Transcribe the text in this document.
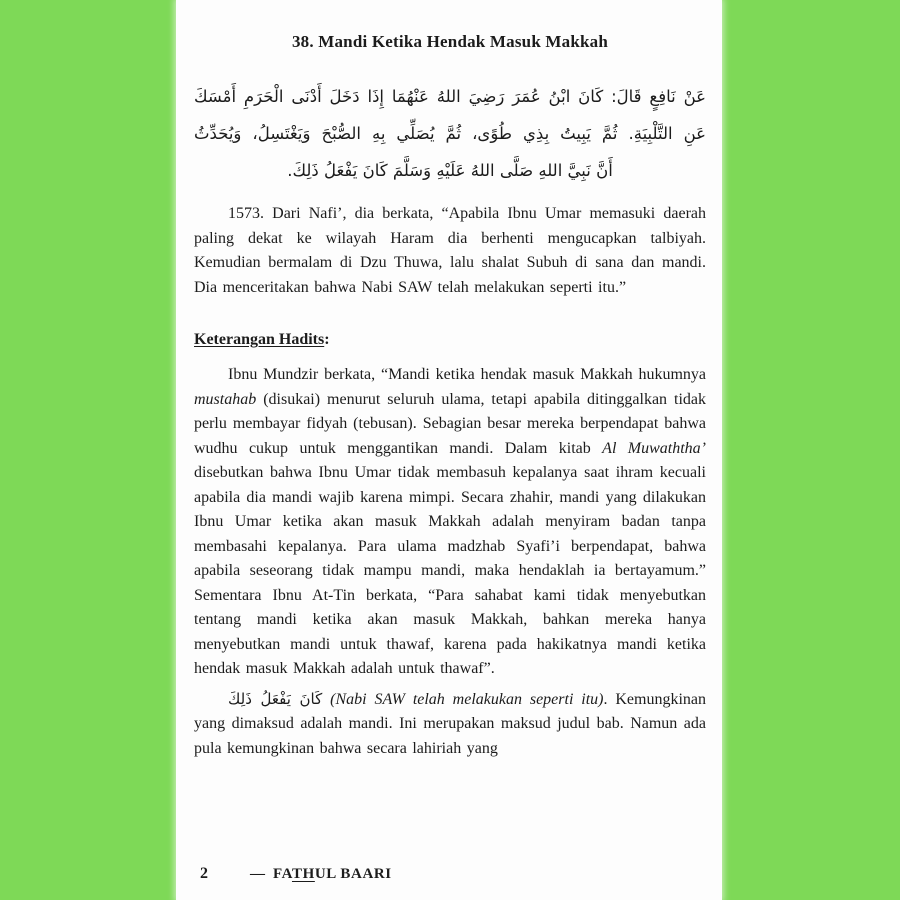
38. Mandi Ketika Hendak Masuk Makkah
عَنْ نَافِعٍ قَالَ: كَانَ ابْنُ عُمَرَ رَضِيَ اللهُ عَنْهُمَا إِذَا دَخَلَ أَدْنَى الْحَرَمِ أَمْسَكَ
عَنِ التَّلْبِيَةِ. ثُمَّ يَبِيتُ بِذِي طُوًى، ثُمَّ يُصَلِّي بِهِ الصُّبْحَ وَيَغْتَسِلُ، وَيُحَدِّثُ
أَنَّ نَبِيَّ اللهِ صَلَّى اللهُ عَلَيْهِ وَسَلَّمَ كَانَ يَفْعَلُ ذَلِكَ.

1573. Dari Nafi’, dia berkata, “Apabila Ibnu Umar memasuki daerah paling dekat ke wilayah Haram dia berhenti mengucapkan talbiyah. Kemudian bermalam di Dzu Thuwa, lalu shalat Subuh di sana dan mandi. Dia menceritakan bahwa Nabi SAW telah melakukan seperti itu.”

Keterangan Hadits:

Ibnu Mundzir berkata, “Mandi ketika hendak masuk Makkah hukumnya mustahab (disukai) menurut seluruh ulama, tetapi apabila ditinggalkan tidak perlu membayar fidyah (tebusan). Sebagian besar mereka berpendapat bahwa wudhu cukup untuk menggantikan mandi. Dalam kitab Al Muwaththa’ disebutkan bahwa Ibnu Umar tidak membasuh kepalanya saat ihram kecuali apabila dia mandi wajib karena mimpi. Secara zhahir, mandi yang dilakukan Ibnu Umar ketika akan masuk Makkah adalah menyiram badan tanpa membasahi kepalanya. Para ulama madzhab Syafi’i berpendapat, bahwa apabila seseorang tidak mampu mandi, maka hendaklah ia bertayamum.” Sementara Ibnu At-Tin berkata, “Para sahabat kami tidak menyebutkan tentang mandi ketika akan masuk Makkah, bahkan mereka hanya menyebutkan mandi untuk thawaf, karena pada hakikatnya mandi ketika hendak masuk Makkah adalah untuk thawaf”.

كَانَ يَفْعَلُ ذَلِكَ (Nabi SAW telah melakukan seperti itu). Kemungkinan yang dimaksud adalah mandi. Ini merupakan maksud judul bab. Namun ada pula kemungkinan bahwa secara lahiriah yang

2	— FATHUL BAARI
